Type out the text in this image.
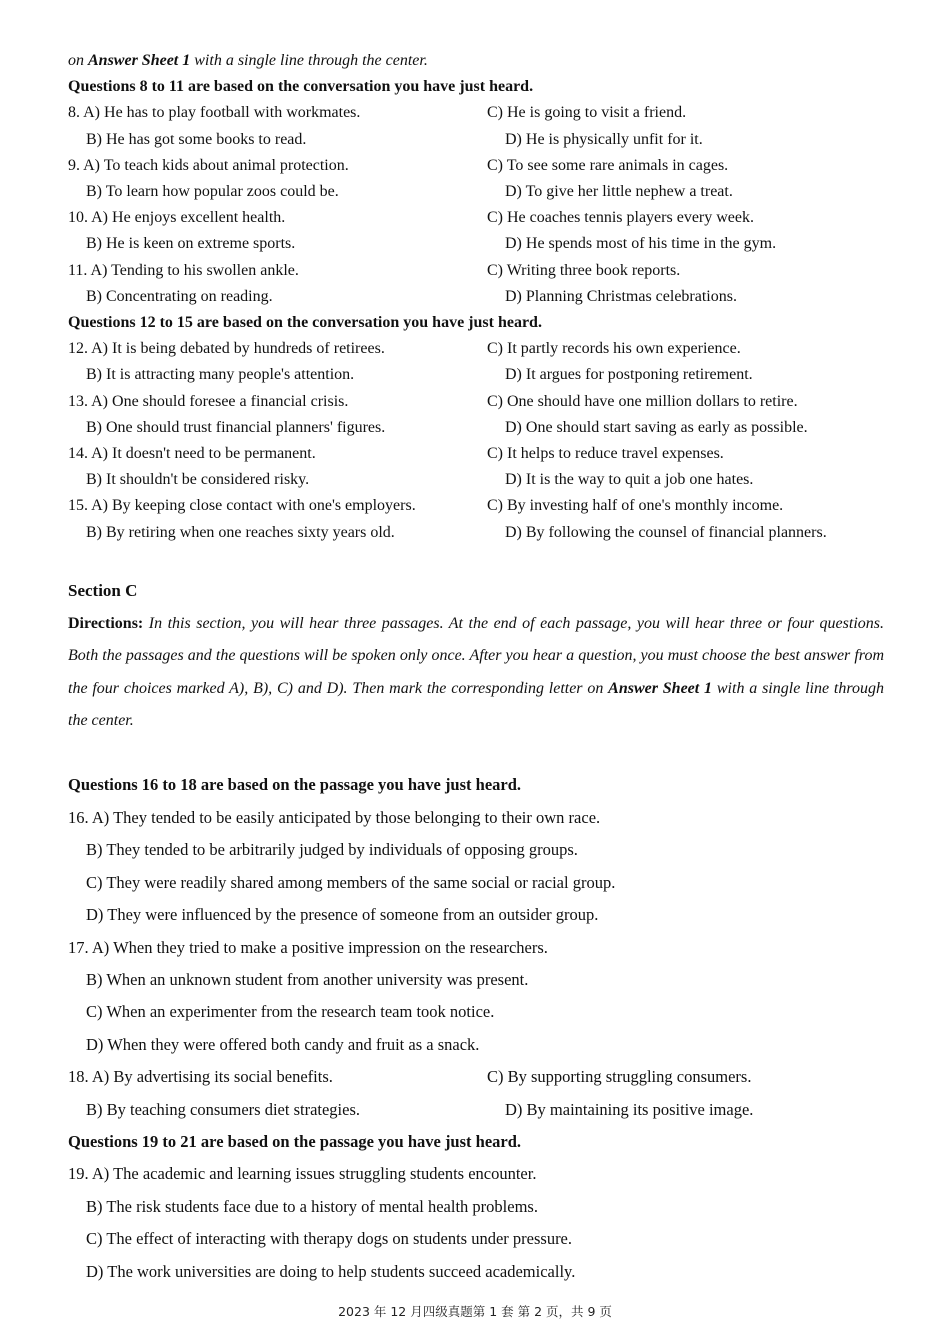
on Answer Sheet 1 with a single line through the center.
Questions 8 to 11 are based on the conversation you have just heard.
8. A) He has to play football with workmates.	C) He is going to visit a friend.
B) He has got some books to read.	D) He is physically unfit for it.
9. A) To teach kids about animal protection.	C) To see some rare animals in cages.
B) To learn how popular zoos could be.	D) To give her little nephew a treat.
10. A) He enjoys excellent health.	C) He coaches tennis players every week.
B) He is keen on extreme sports.	D) He spends most of his time in the gym.
11. A) Tending to his swollen ankle.	C) Writing three book reports.
B) Concentrating on reading.	D) Planning Christmas celebrations.
Questions 12 to 15 are based on the conversation you have just heard.
12. A) It is being debated by hundreds of retirees.	C) It partly records his own experience.
B) It is attracting many people's attention.	D) It argues for postponing retirement.
13. A) One should foresee a financial crisis.	C) One should have one million dollars to retire.
B) One should trust financial planners' figures.	D) One should start saving as early as possible.
14. A) It doesn't need to be permanent.	C) It helps to reduce travel expenses.
B) It shouldn't be considered risky.	D) It is the way to quit a job one hates.
15. A) By keeping close contact with one's employers.	C) By investing half of one's monthly income.
B) By retiring when one reaches sixty years old.	D) By following the counsel of financial planners.
Section C
Directions: In this section, you will hear three passages. At the end of each passage, you will hear three or four questions. Both the passages and the questions will be spoken only once. After you hear a question, you must choose the best answer from the four choices marked A), B), C) and D). Then mark the corresponding letter on Answer Sheet 1 with a single line through the center.
Questions 16 to 18 are based on the passage you have just heard.
16. A) They tended to be easily anticipated by those belonging to their own race.
B) They tended to be arbitrarily judged by individuals of opposing groups.
C) They were readily shared among members of the same social or racial group.
D) They were influenced by the presence of someone from an outsider group.
17. A) When they tried to make a positive impression on the researchers.
B) When an unknown student from another university was present.
C) When an experimenter from the research team took notice.
D) When they were offered both candy and fruit as a snack.
18. A) By advertising its social benefits.	C) By supporting struggling consumers.
B) By teaching consumers diet strategies.	D) By maintaining its positive image.
Questions 19 to 21 are based on the passage you have just heard.
19. A) The academic and learning issues struggling students encounter.
B) The risk students face due to a history of mental health problems.
C) The effect of interacting with therapy dogs on students under pressure.
D) The work universities are doing to help students succeed academically.
2023 年 12 月四级真题第 1 套 第 2 页，共 9 页
